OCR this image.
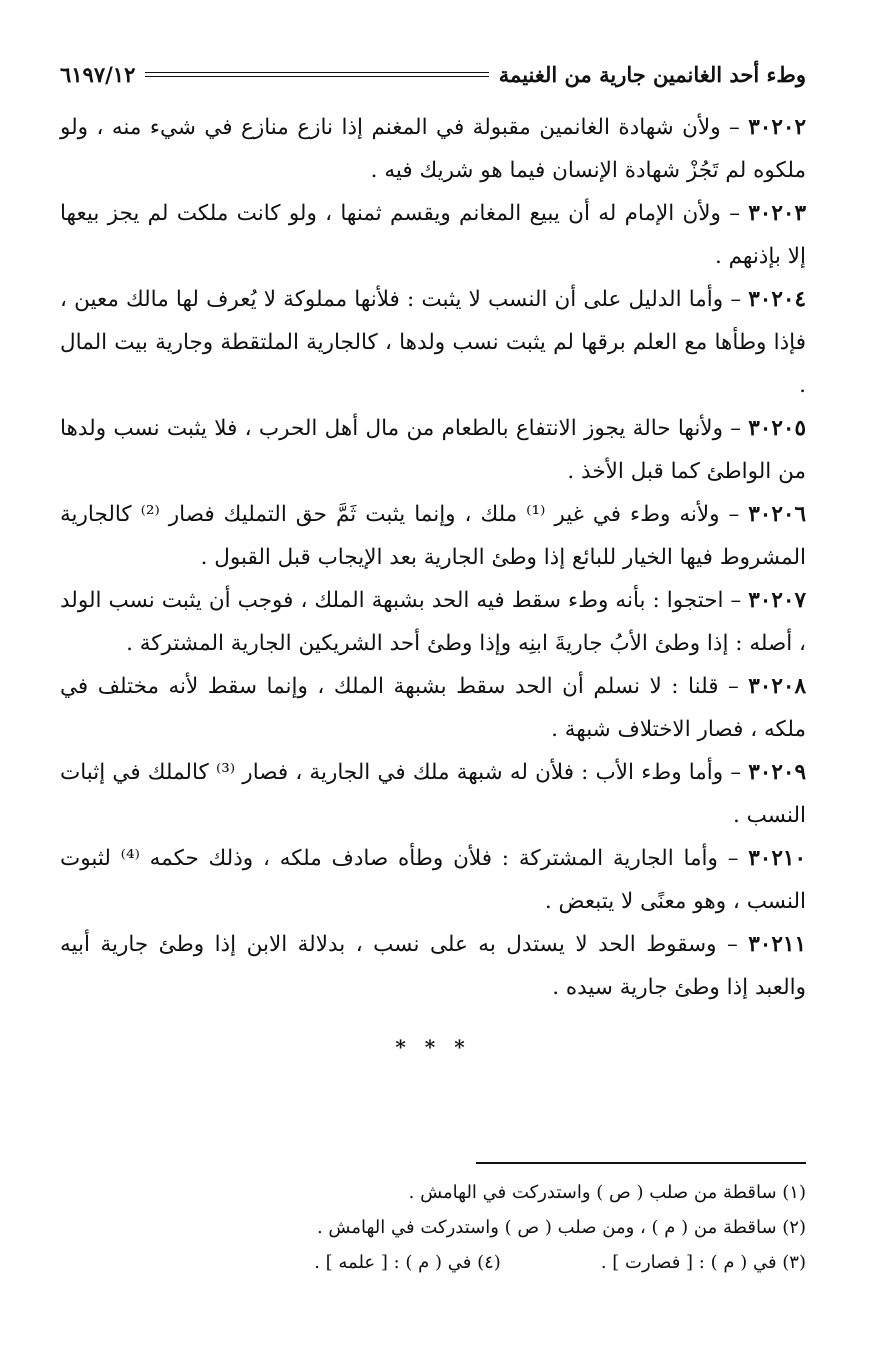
وطء أحد الغانمين جارية من الغنيمة
٦١٩٧/١٢

٣٠٢٠٢ – ولأن شهادة الغانمين مقبولة في المغنم إذا نازع منازع في شيء منه ، ولو ملكوه لم تَجُزْ شهادة الإنسان فيما هو شريك فيه .

٣٠٢٠٣ – ولأن الإمام له أن يبيع المغانم ويقسم ثمنها ، ولو كانت ملكت لم يجز بيعها إلا بإذنهم .

٣٠٢٠٤ – وأما الدليل على أن النسب لا يثبت : فلأنها مملوكة لا يُعرف لها مالك معين ، فإذا وطأها مع العلم برقها لم يثبت نسب ولدها ، كالجارية الملتقطة وجارية بيت المال .

٣٠٢٠٥ – ولأنها حالة يجوز الانتفاع بالطعام من مال أهل الحرب ، فلا يثبت نسب ولدها من الواطئ كما قبل الأخذ .

٣٠٢٠٦ – ولأنه وطء في غير ⁽¹⁾ ملك ، وإنما يثبت ثَمَّ حق التمليك فصار ⁽²⁾ كالجارية المشروط فيها الخيار للبائع إذا وطئ الجارية بعد الإيجاب قبل القبول .

٣٠٢٠٧ – احتجوا : بأنه وطء سقط فيه الحد بشبهة الملك ، فوجب أن يثبت نسب الولد ، أصله : إذا وطئ الأبُ جاريةَ ابنِه وإذا وطئ أحد الشريكين الجارية المشتركة .

٣٠٢٠٨ – قلنا : لا نسلم أن الحد سقط بشبهة الملك ، وإنما سقط لأنه مختلف في ملكه ، فصار الاختلاف شبهة .

٣٠٢٠٩ – وأما وطء الأب : فلأن له شبهة ملك في الجارية ، فصار ⁽³⁾ كالملك في إثبات النسب .

٣٠٢١٠ – وأما الجارية المشتركة : فلأن وطأه صادف ملكه ، وذلك حكمه ⁽⁴⁾ لثبوت النسب ، وهو معنًى لا يتبعض .

٣٠٢١١ – وسقوط الحد لا يستدل به على نسب ، بدلالة الابن إذا وطئ جارية أبيه والعبد إذا وطئ جارية سيده .

* * *
(١) ساقطة من صلب ( ص ) واستدركت في الهامش .
(٢) ساقطة من ( م ) ، ومن صلب ( ص ) واستدركت في الهامش .
(٣) في ( م ) : [ فصارت ] .
(٤) في ( م ) : [ علمه ] .
